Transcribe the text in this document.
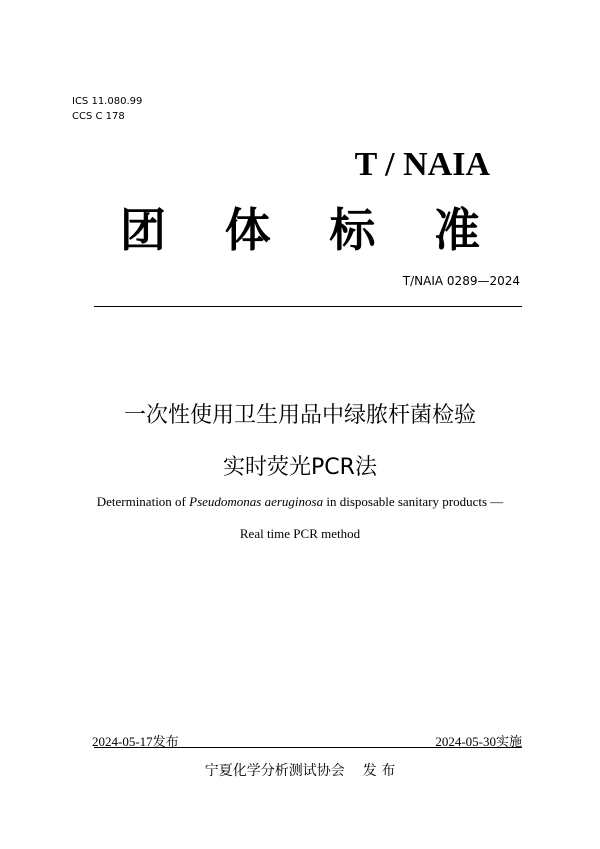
ICS 11.080.99
CCS C 178
T / NAIA
团 体 标 准
T/NAIA 0289—2024
一次性使用卫生用品中绿脓杆菌检验
实时荧光PCR法
Determination of Pseudomonas aeruginosa in disposable sanitary products —
Real time PCR method
2024-05-17发布	2024-05-30实施
宁夏化学分析测试协会 发 布
